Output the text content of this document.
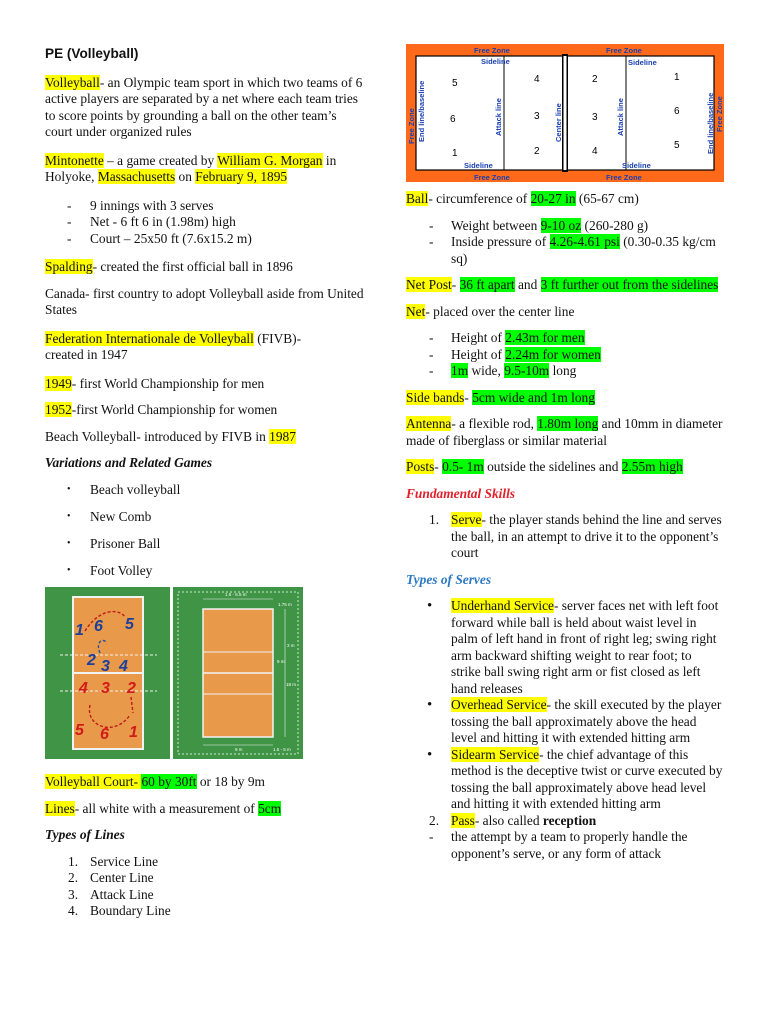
PE (Volleyball)

Volleyball- an Olympic team sport in which two teams of 6 active players are separated by a net where each team tries to score points by grounding a ball on the other team’s court under organized rules

Mintonette – a game created by William G. Morgan in Holyoke, Massachusetts on February 9, 1895

- 9 innings with 3 serves
- Net - 6 ft 6 in (1.98m) high
- Court – 25x50 ft (7.6x15.2 m)

Spalding- created the first official ball in 1896

Canada- first country to adopt Volleyball aside from United States

Federation Internationale de Volleyball (FIVB)-
created in 1947

1949- first World Championship for men

1952-first World Championship for women

Beach Volleyball- introduced by FIVB in 1987

Variations and Related Games

• Beach volleyball
• New Comb
• Prisoner Ball
• Foot Volley
1 6 5
2 3 4
4 3 2
5 6 1
1.5 - 6.5 m
1.75 m
9 m
3 m
18 m
9 m	1.5 - 5 m

Volleyball Court- 60 by 30ft or 18 by 9m

Lines- all white with a measurement of 5cm

Types of Lines

1. Service Line
2. Center Line
3. Attack Line
4. Boundary Line
Free Zone	Free Zone
Free Zone	Free Zone
Sideline	Sideline
Sideline	Sideline
Free Zone End line/baseline	Attack line	Center line	Attack line	End line/baseline Free Zone
5
6
1
4
3
2
2
3
4
1
6
5

Ball- circumference of 20-27 in (65-67 cm)

- Weight between 9-10 oz (260-280 g)
- Inside pressure of 4.26-4.61 psi (0.30-0.35 kg/cm sq)

Net Post- 36 ft apart and 3 ft further out from the sidelines

Net- placed over the center line

- Height of 2.43m for men
- Height of 2.24m for women
- 1m wide, 9.5-10m long

Side bands- 5cm wide and 1m long

Antenna- a flexible rod, 1.80m long and 10mm in diameter made of fiberglass or similar material

Posts- 0.5- 1m outside the sidelines and 2.55m high

Fundamental Skills

1. Serve- the player stands behind the line and serves the ball, in an attempt to drive it to the opponent’s court

Types of Serves

• Underhand Service- server faces net with left foot forward while ball is held about waist level in palm of left hand in front of right leg; swing right arm backward shifting weight to rear foot; to strike ball swing right arm or fist closed as left hand releases
• Overhead Service- the skill executed by the player tossing the ball approximately above the head level and hitting it with extended hitting arm
• Sidearm Service- the chief advantage of this method is the deceptive twist or curve executed by tossing the ball approximately above head level and hitting it with extended hitting arm
2. Pass- also called reception
- the attempt by a team to properly handle the opponent’s serve, or any form of attack
